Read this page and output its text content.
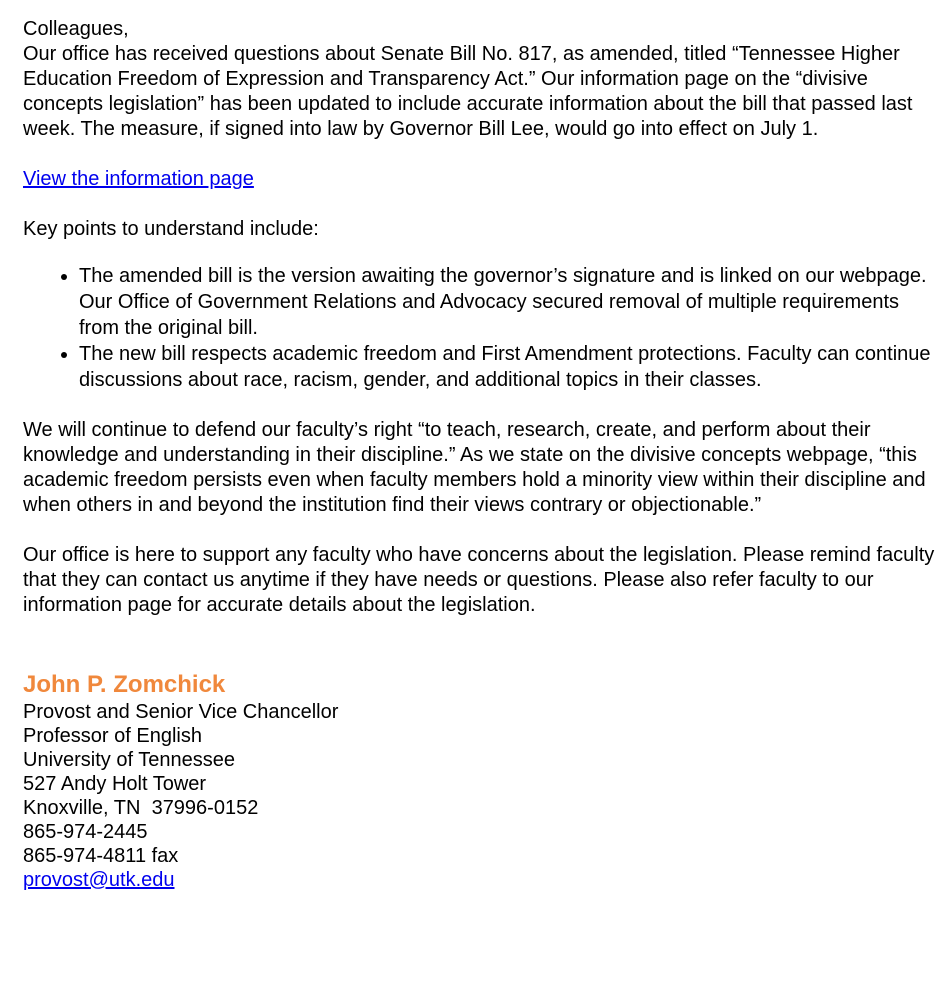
Colleagues,

Our office has received questions about Senate Bill No. 817, as amended, titled “Tennessee Higher Education Freedom of Expression and Transparency Act.” Our information page on the “divisive concepts legislation” has been updated to include accurate information about the bill that passed last week. The measure, if signed into law by Governor Bill Lee, would go into effect on July 1.

View the information page

Key points to understand include:

• The amended bill is the version awaiting the governor’s signature and is linked on our webpage. Our Office of Government Relations and Advocacy secured removal of multiple requirements from the original bill.
• The new bill respects academic freedom and First Amendment protections. Faculty can continue discussions about race, racism, gender, and additional topics in their classes.

We will continue to defend our faculty’s right “to teach, research, create, and perform about their knowledge and understanding in their discipline.” As we state on the divisive concepts webpage, “this academic freedom persists even when faculty members hold a minority view within their discipline and when others in and beyond the institution find their views contrary or objectionable.”

Our office is here to support any faculty who have concerns about the legislation. Please remind faculty that they can contact us anytime if they have needs or questions. Please also refer faculty to our information page for accurate details about the legislation.

John P. Zomchick
Provost and Senior Vice Chancellor
Professor of English
University of Tennessee
527 Andy Holt Tower
Knoxville, TN  37996-0152
865-974-2445
865-974-4811 fax
provost@utk.edu
